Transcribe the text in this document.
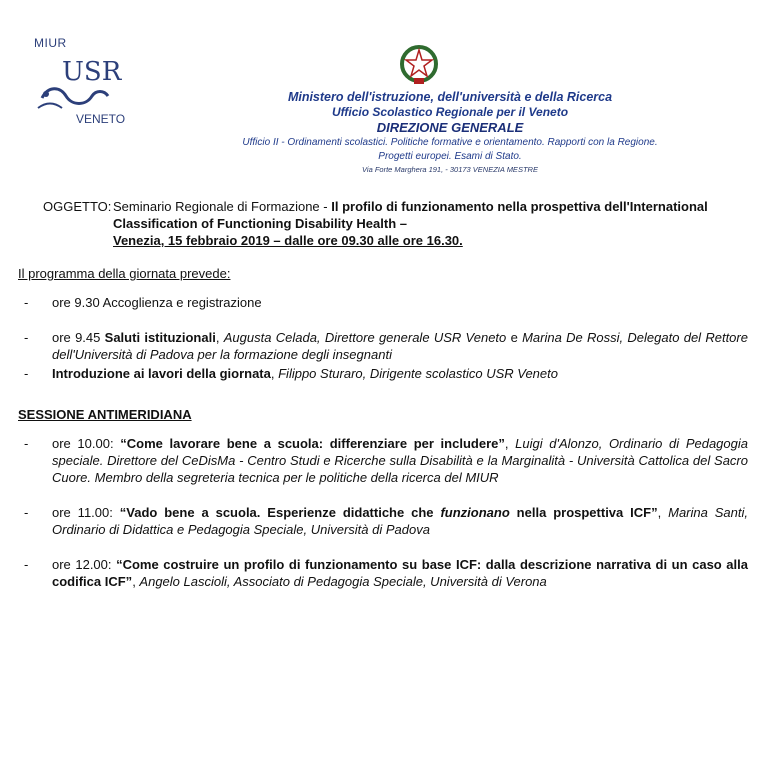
MIUR
USR
VENETO
Ministero dell'istruzione, dell'università e della Ricerca
Ufficio Scolastico Regionale per il Veneto
DIREZIONE GENERALE
Ufficio II - Ordinamenti scolastici. Politiche formative e orientamento. Rapporti con la Regione.
Progetti europei. Esami di Stato.
Via Forte Marghera 191, - 30173 VENEZIA MESTRE
OGGETTO: Seminario Regionale di Formazione - Il profilo di funzionamento nella prospettiva dell'International Classification of Functioning Disability Health –
Venezia, 15 febbraio 2019 – dalle ore 09.30 alle ore 16.30.
Il programma della giornata prevede:
- ore 9.30 Accoglienza e registrazione
- ore 9.45 Saluti istituzionali, Augusta Celada, Direttore generale USR Veneto e Marina De Rossi, Delegato del Rettore dell'Università di Padova per la formazione degli insegnanti
- Introduzione ai lavori della giornata, Filippo Sturaro, Dirigente scolastico USR Veneto
SESSIONE ANTIMERIDIANA
- ore 10.00: “Come lavorare bene a scuola: differenziare per includere”, Luigi d'Alonzo, Ordinario di Pedagogia speciale. Direttore del CeDisMa - Centro Studi e Ricerche sulla Disabilità e la Marginalità - Università Cattolica del Sacro Cuore. Membro della segreteria tecnica per le politiche della ricerca del MIUR
- ore 11.00: “Vado bene a scuola. Esperienze didattiche che funzionano nella prospettiva ICF”, Marina Santi, Ordinario di Didattica e Pedagogia Speciale, Università di Padova
- ore 12.00: “Come costruire un profilo di funzionamento su base ICF: dalla descrizione narrativa di un caso alla codifica ICF”, Angelo Lascioli, Associato di Pedagogia Speciale, Università di Verona
